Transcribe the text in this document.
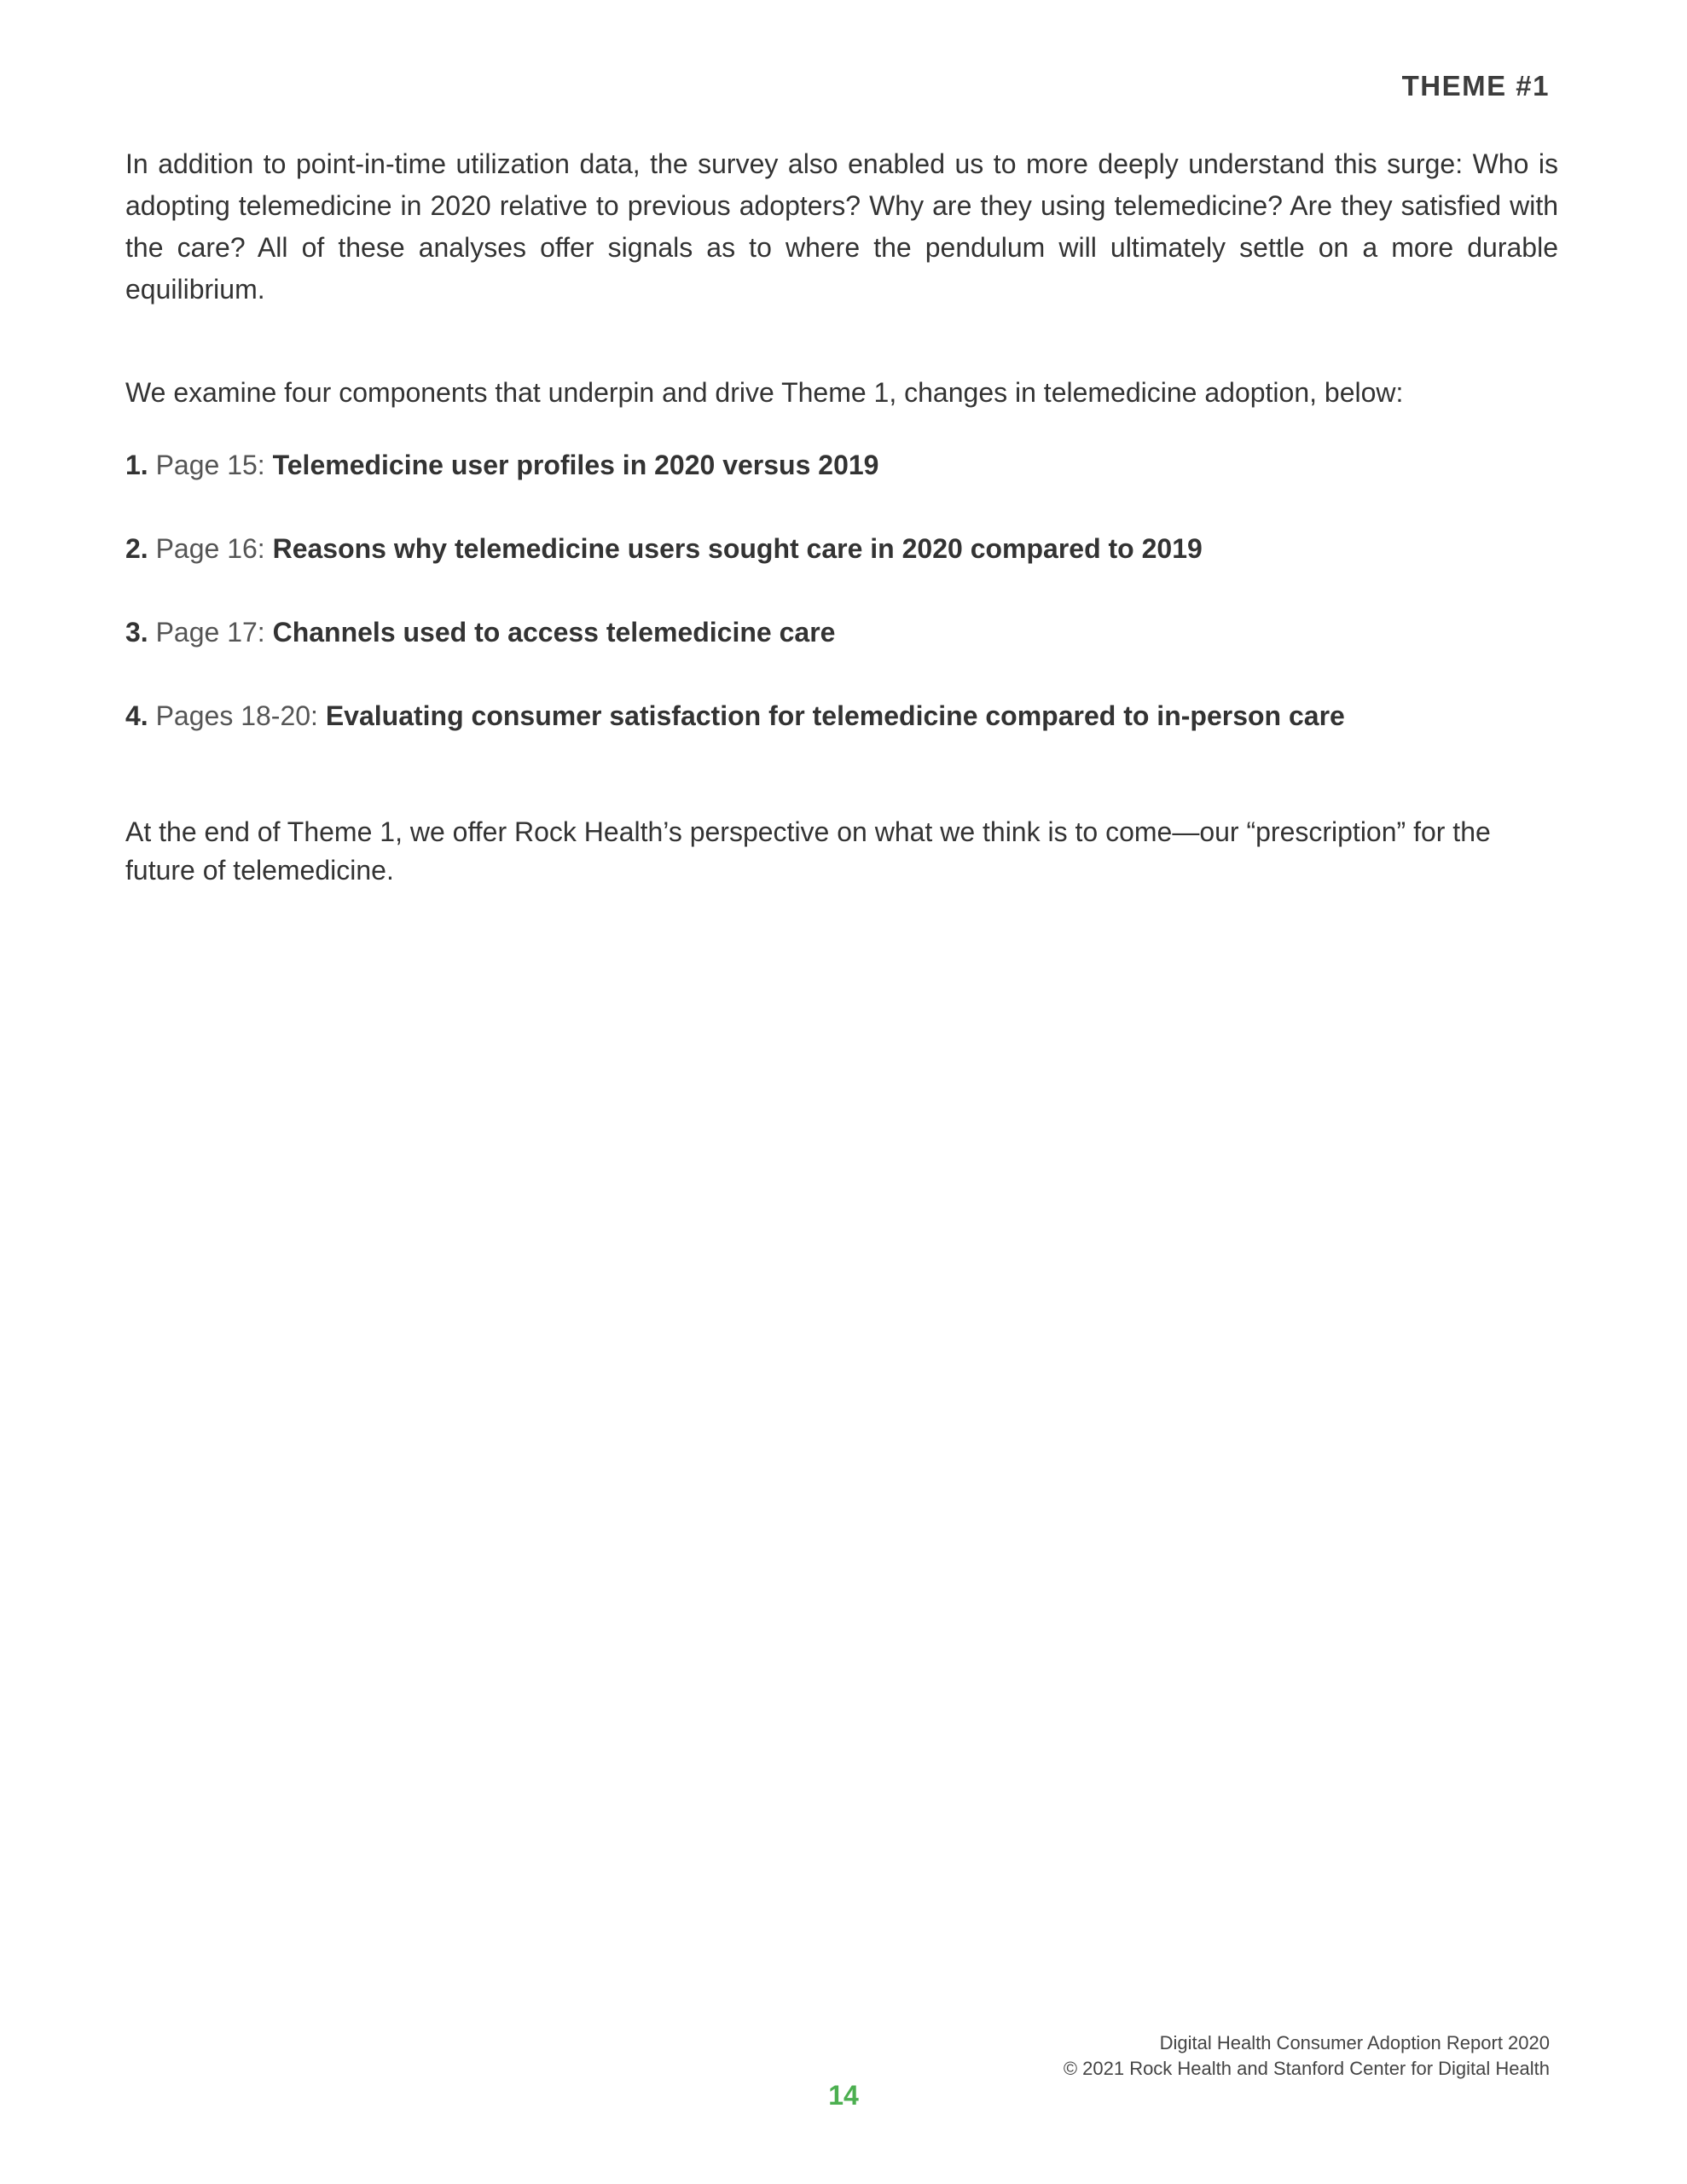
THEME #1

In addition to point-in-time utilization data, the survey also enabled us to more deeply understand this surge: Who is adopting telemedicine in 2020 relative to previous adopters? Why are they using telemedicine? Are they satisfied with the care? All of these analyses offer signals as to where the pendulum will ultimately settle on a more durable equilibrium.

We examine four components that underpin and drive Theme 1, changes in telemedicine adoption, below:

1. Page 15: Telemedicine user profiles in 2020 versus 2019
2. Page 16: Reasons why telemedicine users sought care in 2020 compared to 2019
3. Page 17: Channels used to access telemedicine care
4. Pages 18-20: Evaluating consumer satisfaction for telemedicine compared to in-person care

At the end of Theme 1, we offer Rock Health’s perspective on what we think is to come—our “prescription” for the future of telemedicine.

Digital Health Consumer Adoption Report 2020
© 2021 Rock Health and Stanford Center for Digital Health
14
